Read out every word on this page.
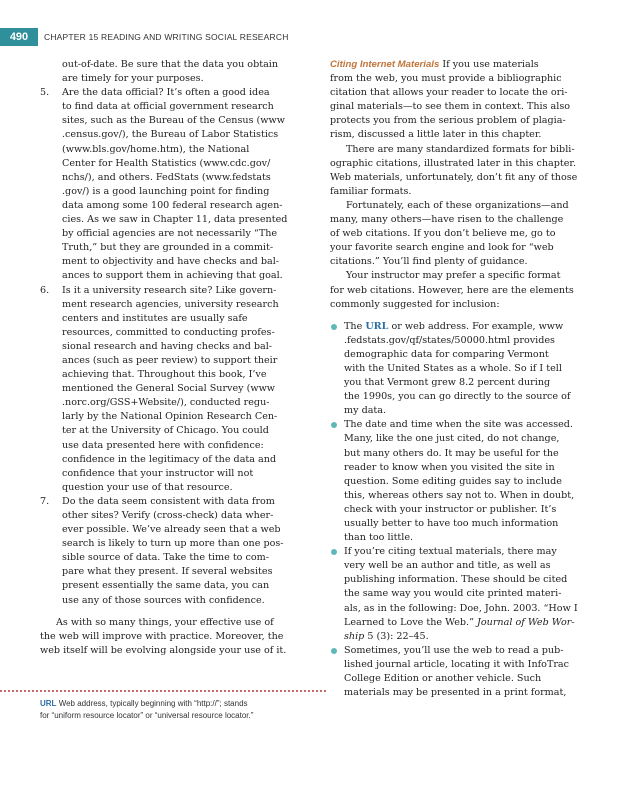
490	CHAPTER 15 READING AND WRITING SOCIAL RESEARCH
out-of-date. Be sure that the data you obtain
are timely for your purposes.
5. Are the data official? It’s often a good idea
to find data at official government research
sites, such as the Bureau of the Census (www
.census.gov/), the Bureau of Labor Statistics
(www.bls.gov/home.htm), the National
Center for Health Statistics (www.cdc.gov/
nchs/), and others. FedStats (www.fedstats
.gov/) is a good launching point for finding
data among some 100 federal research agen-
cies. As we saw in Chapter 11, data presented
by official agencies are not necessarily “The
Truth,” but they are grounded in a commit-
ment to objectivity and have checks and bal-
ances to support them in achieving that goal.
6. Is it a university research site? Like govern-
ment research agencies, university research
centers and institutes are usually safe
resources, committed to conducting profes-
sional research and having checks and bal-
ances (such as peer review) to support their
achieving that. Throughout this book, I’ve
mentioned the General Social Survey (www
.norc.org/GSS+Website/), conducted regu-
larly by the National Opinion Research Cen-
ter at the University of Chicago. You could
use data presented here with confidence:
confidence in the legitimacy of the data and
confidence that your instructor will not
question your use of that resource.
7. Do the data seem consistent with data from
other sites? Verify (cross-check) data wher-
ever possible. We’ve already seen that a web
search is likely to turn up more than one pos-
sible source of data. Take the time to com-
pare what they present. If several websites
present essentially the same data, you can
use any of those sources with confidence.
As with so many things, your effective use of
the web will improve with practice. Moreover, the
web itself will be evolving alongside your use of it.
URL Web address, typically beginning with “http://”; stands
for “uniform resource locator” or “universal resource locator.”
Citing Internet Materials If you use materials
from the web, you must provide a bibliographic
citation that allows your reader to locate the ori-
ginal materials—to see them in context. This also
protects you from the serious problem of plagia-
rism, discussed a little later in this chapter.
There are many standardized formats for bibli-
ographic citations, illustrated later in this chapter.
Web materials, unfortunately, don’t fit any of those
familiar formats.
Fortunately, each of these organizations—and
many, many others—have risen to the challenge
of web citations. If you don’t believe me, go to
your favorite search engine and look for “web
citations.” You’ll find plenty of guidance.
Your instructor may prefer a specific format
for web citations. However, here are the elements
commonly suggested for inclusion:
The URL or web address. For example, www
.fedstats.gov/qf/states/50000.html provides
demographic data for comparing Vermont
with the United States as a whole. So if I tell
you that Vermont grew 8.2 percent during
the 1990s, you can go directly to the source of
my data.
The date and time when the site was accessed.
Many, like the one just cited, do not change,
but many others do. It may be useful for the
reader to know when you visited the site in
question. Some editing guides say to include
this, whereas others say not to. When in doubt,
check with your instructor or publisher. It’s
usually better to have too much information
than too little.
If you’re citing textual materials, there may
very well be an author and title, as well as
publishing information. These should be cited
the same way you would cite printed materi-
als, as in the following: Doe, John. 2003. “How I
Learned to Love the Web.” Journal of Web Wor-
ship 5 (3): 22–45.
Sometimes, you’ll use the web to read a pub-
lished journal article, locating it with InfoTrac
College Edition or another vehicle. Such
materials may be presented in a print format,
